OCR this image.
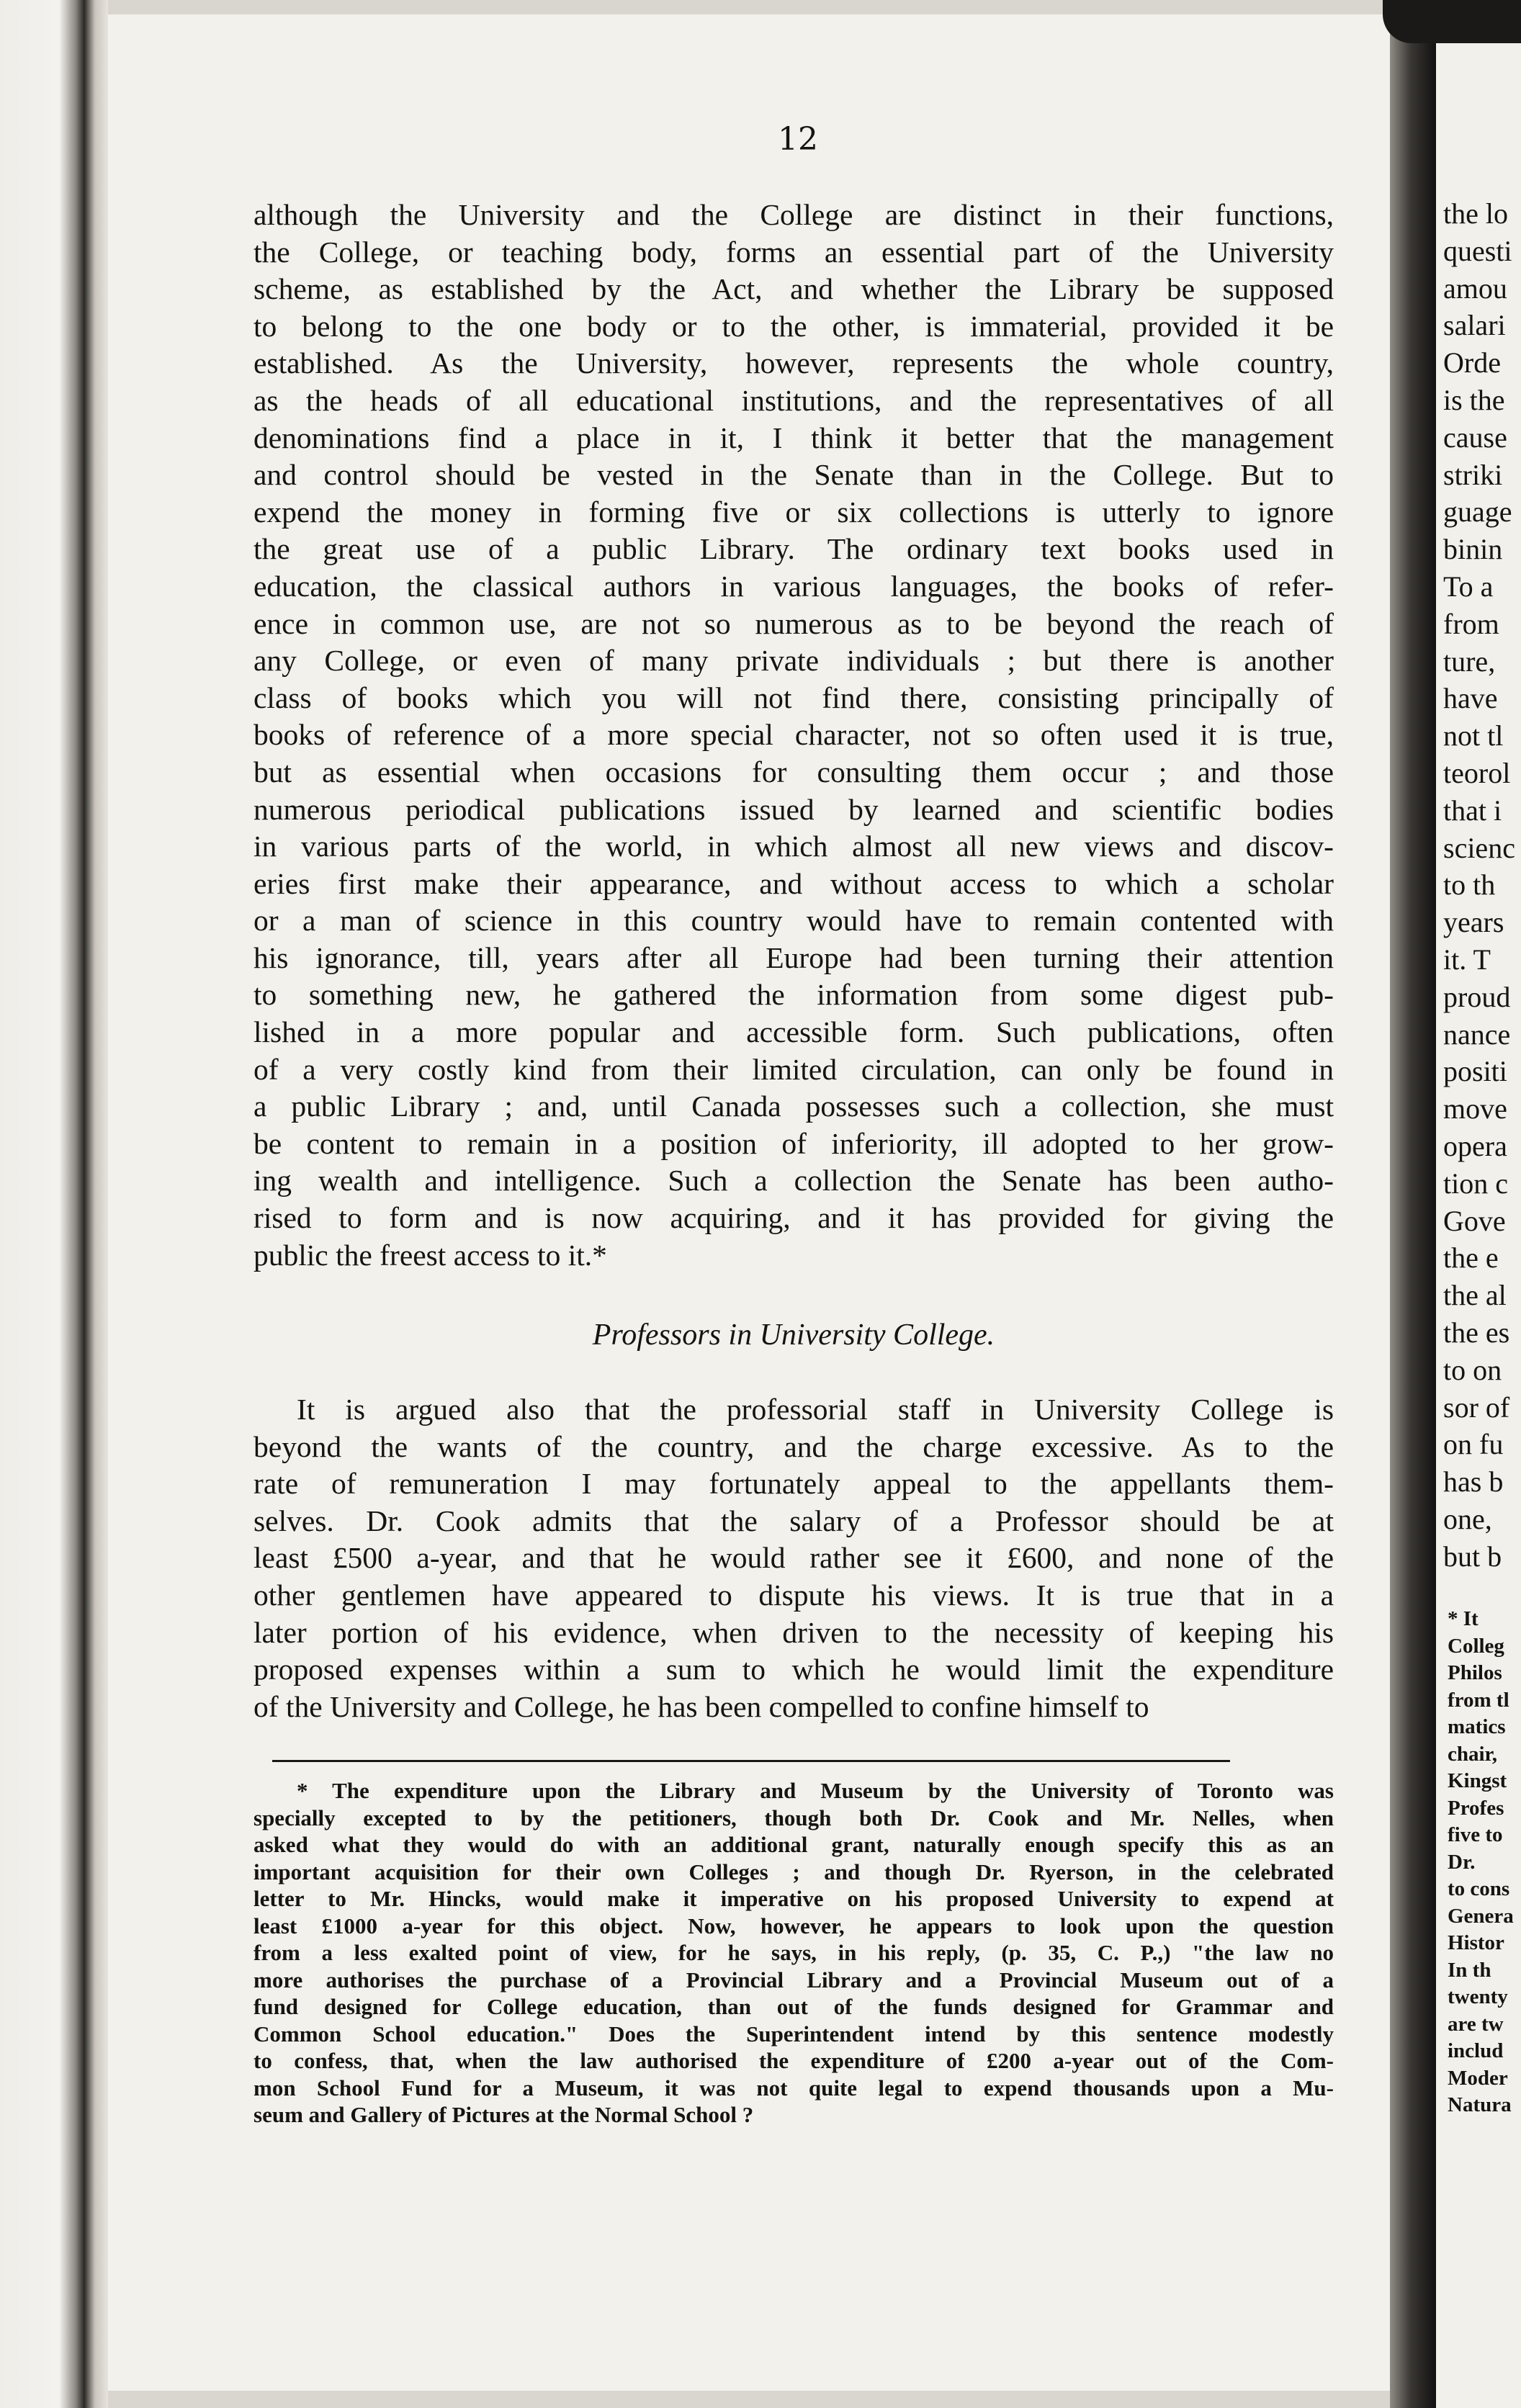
12
although the University and the College are distinct in their functions,
the College, or teaching body, forms an essential part of the University
scheme, as established by the Act, and whether the Library be supposed
to belong to the one body or to the other, is immaterial, provided it be
established. As the University, however, represents the whole country,
as the heads of all educational institutions, and the representatives of all
denominations find a place in it, I think it better that the management
and control should be vested in the Senate than in the College. But to
expend the money in forming five or six collections is utterly to ignore
the great use of a public Library. The ordinary text books used in
education, the classical authors in various languages, the books of refer-
ence in common use, are not so numerous as to be beyond the reach of
any College, or even of many private individuals ; but there is another
class of books which you will not find there, consisting principally of
books of reference of a more special character, not so often used it is true,
but as essential when occasions for consulting them occur ; and those
numerous periodical publications issued by learned and scientific bodies
in various parts of the world, in which almost all new views and discov-
eries first make their appearance, and without access to which a scholar
or a man of science in this country would have to remain contented with
his ignorance, till, years after all Europe had been turning their attention
to something new, he gathered the information from some digest pub-
lished in a more popular and accessible form. Such publications, often
of a very costly kind from their limited circulation, can only be found in
a public Library ; and, until Canada possesses such a collection, she must
be content to remain in a position of inferiority, ill adopted to her grow-
ing wealth and intelligence. Such a collection the Senate has been autho-
rised to form and is now acquiring, and it has provided for giving the
public the freest access to it.*
Professors in University College.
It is argued also that the professorial staff in University College is
beyond the wants of the country, and the charge excessive. As to the
rate of remuneration I may fortunately appeal to the appellants them-
selves. Dr. Cook admits that the salary of a Professor should be at
least £500 a-year, and that he would rather see it £600, and none of the
other gentlemen have appeared to dispute his views. It is true that in a
later portion of his evidence, when driven to the necessity of keeping his
proposed expenses within a sum to which he would limit the expenditure
of the University and College, he has been compelled to confine himself to
* The expenditure upon the Library and Museum by the University of Toronto was
specially excepted to by the petitioners, though both Dr. Cook and Mr. Nelles, when
asked what they would do with an additional grant, naturally enough specify this as an
important acquisition for their own Colleges ; and though Dr. Ryerson, in the celebrated
letter to Mr. Hincks, would make it imperative on his proposed University to expend at
least £1000 a-year for this object. Now, however, he appears to look upon the question
from a less exalted point of view, for he says, in his reply, (p. 35, C. P.,) "the law no
more authorises the purchase of a Provincial Library and a Provincial Museum out of a
fund designed for College education, than out of the funds designed for Grammar and
Common School education." Does the Superintendent intend by this sentence modestly
to confess, that, when the law authorised the expenditure of £200 a-year out of the Com-
mon School Fund for a Museum, it was not quite legal to expend thousands upon a Mu-
seum and Gallery of Pictures at the Normal School ?
the lo
questi
amou
salari
Orde
is the
cause
striki
guage
binin
To a
from
ture,
have
not tl
teorol
that i
scienc
to th
years
it. T
proud
nance
positi
move
opera
tion c
Gove
the e
the al
the es
to on
sor of
on fu
has b
one,
but b
* It
Colleg
Philos
from tl
matics
chair,
Kingst
Profes
five to
Dr.
to cons
Genera
Histor
In th
twenty
are tw
includ
Moder
Natura
